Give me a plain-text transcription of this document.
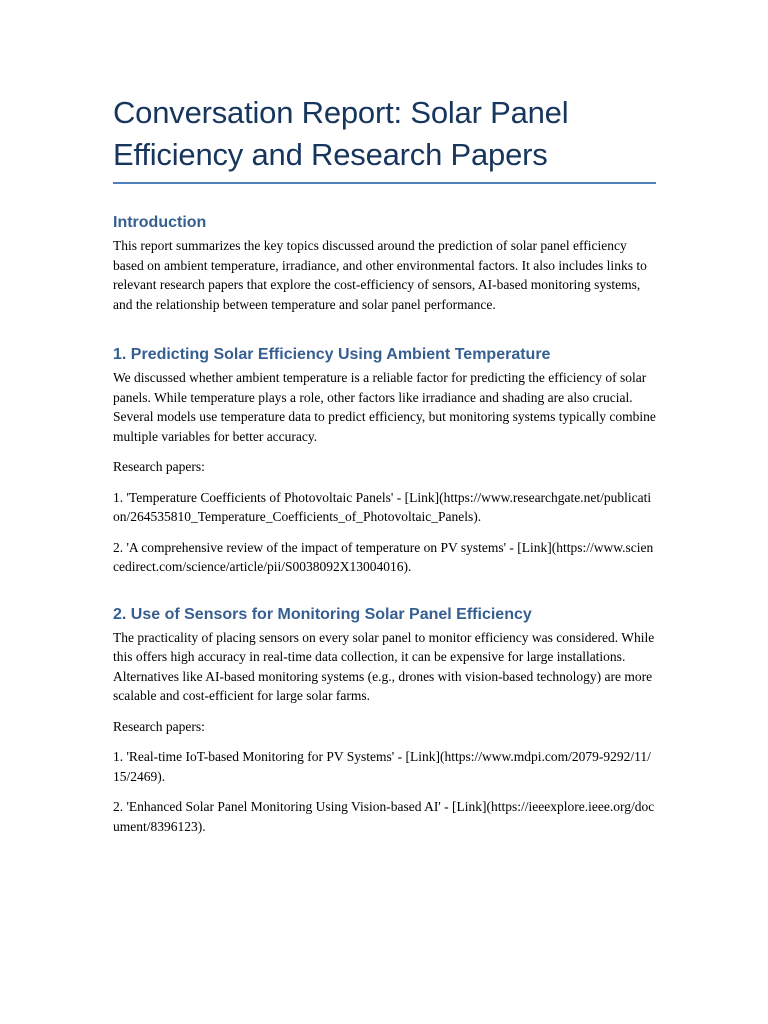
Conversation Report: Solar Panel Efficiency and Research Papers
Introduction

This report summarizes the key topics discussed around the prediction of solar panel efficiency based on ambient temperature, irradiance, and other environmental factors. It also includes links to relevant research papers that explore the cost-efficiency of sensors, AI-based monitoring systems, and the relationship between temperature and solar panel performance.

1. Predicting Solar Efficiency Using Ambient Temperature

We discussed whether ambient temperature is a reliable factor for predicting the efficiency of solar panels. While temperature plays a role, other factors like irradiance and shading are also crucial. Several models use temperature data to predict efficiency, but monitoring systems typically combine multiple variables for better accuracy.

Research papers:

1. 'Temperature Coefficients of Photovoltaic Panels' - [Link](https://www.researchgate.net/publication/264535810_Temperature_Coefficients_of_Photovoltaic_Panels).

2. 'A comprehensive review of the impact of temperature on PV systems' - [Link](https://www.sciencedirect.com/science/article/pii/S0038092X13004016).

2. Use of Sensors for Monitoring Solar Panel Efficiency

The practicality of placing sensors on every solar panel to monitor efficiency was considered. While this offers high accuracy in real-time data collection, it can be expensive for large installations. Alternatives like AI-based monitoring systems (e.g., drones with vision-based technology) are more scalable and cost-efficient for large solar farms.

Research papers:

1. 'Real-time IoT-based Monitoring for PV Systems' - [Link](https://www.mdpi.com/2079-9292/11/15/2469).

2. 'Enhanced Solar Panel Monitoring Using Vision-based AI' - [Link](https://ieeexplore.ieee.org/document/8396123).
